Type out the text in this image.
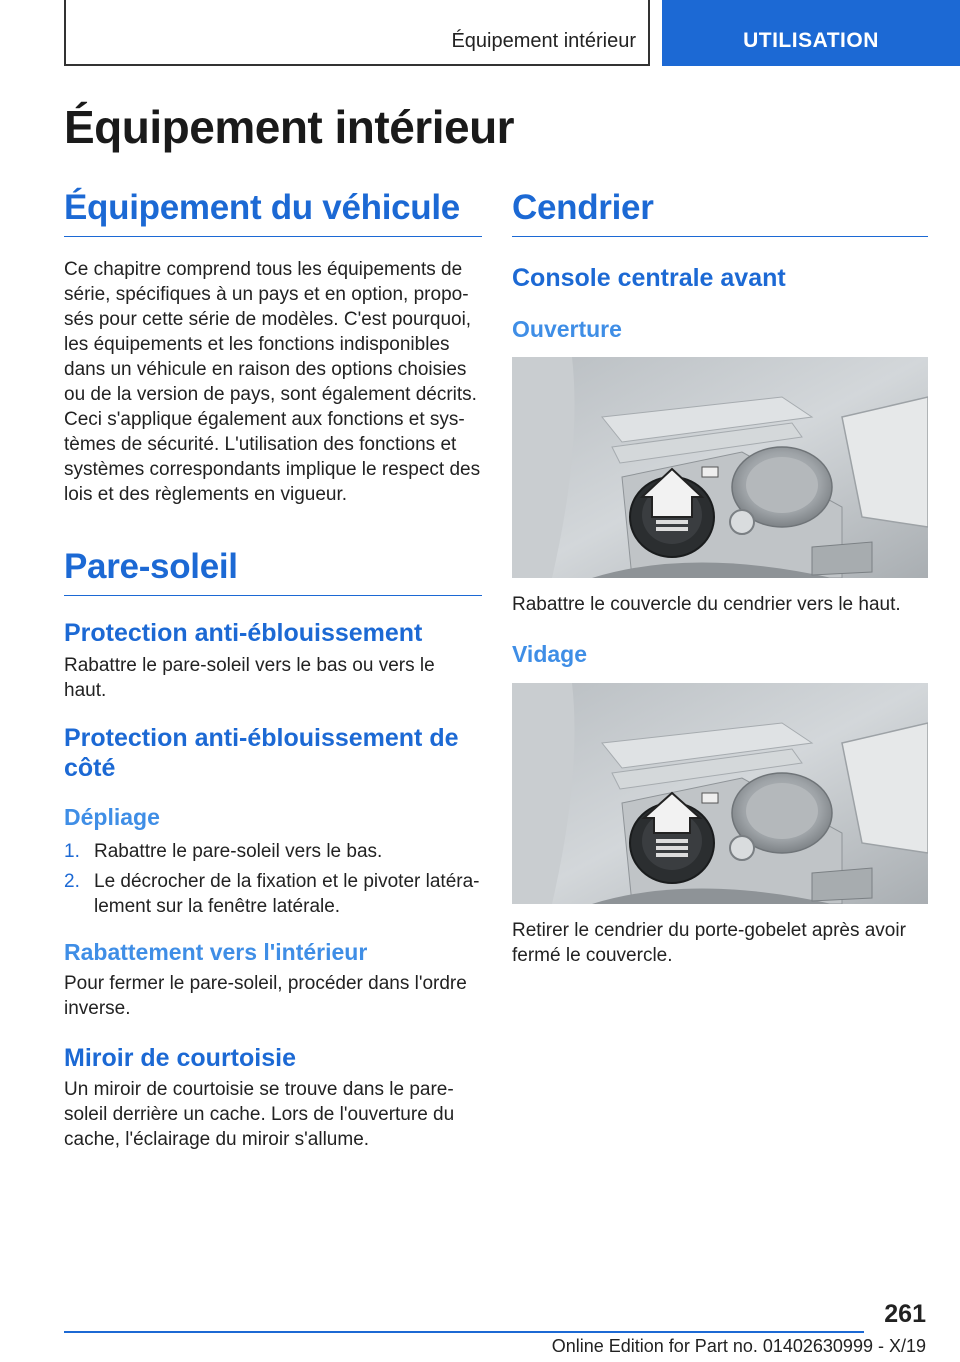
Équipement intérieur	UTILISATION
Équipement intérieur
Équipement du véhicule

Ce chapitre comprend tous les équipements de série, spécifiques à un pays et en option, proposés pour cette série de modèles. C'est pourquoi, les équipements et les fonctions indisponibles dans un véhicule en raison des options choisies ou de la version de pays, sont également décrits. Ceci s'applique également aux fonctions et systèmes de sécurité. L'utilisation des fonctions et systèmes correspondants implique le respect des lois et des règlements en vigueur.

Pare-soleil
Protection anti-éblouissement

Rabattre le pare-soleil vers le bas ou vers le haut.

Protection anti-éblouissement de côté
Dépliage
1. Rabattre le pare-soleil vers le bas.
2. Le décrocher de la fixation et le pivoter latéralement sur la fenêtre latérale.
Rabattement vers l'intérieur

Pour fermer le pare-soleil, procéder dans l'ordre inverse.

Miroir de courtoisie

Un miroir de courtoisie se trouve dans le pare-soleil derrière un cache. Lors de l'ouverture du cache, l'éclairage du miroir s'allume.

Cendrier
Console centrale avant
Ouverture

Rabattre le couvercle du cendrier vers le haut.

Vidage

Retirer le cendrier du porte-gobelet après avoir fermé le couvercle.

261
Online Edition for Part no. 01402630999 - X/19
